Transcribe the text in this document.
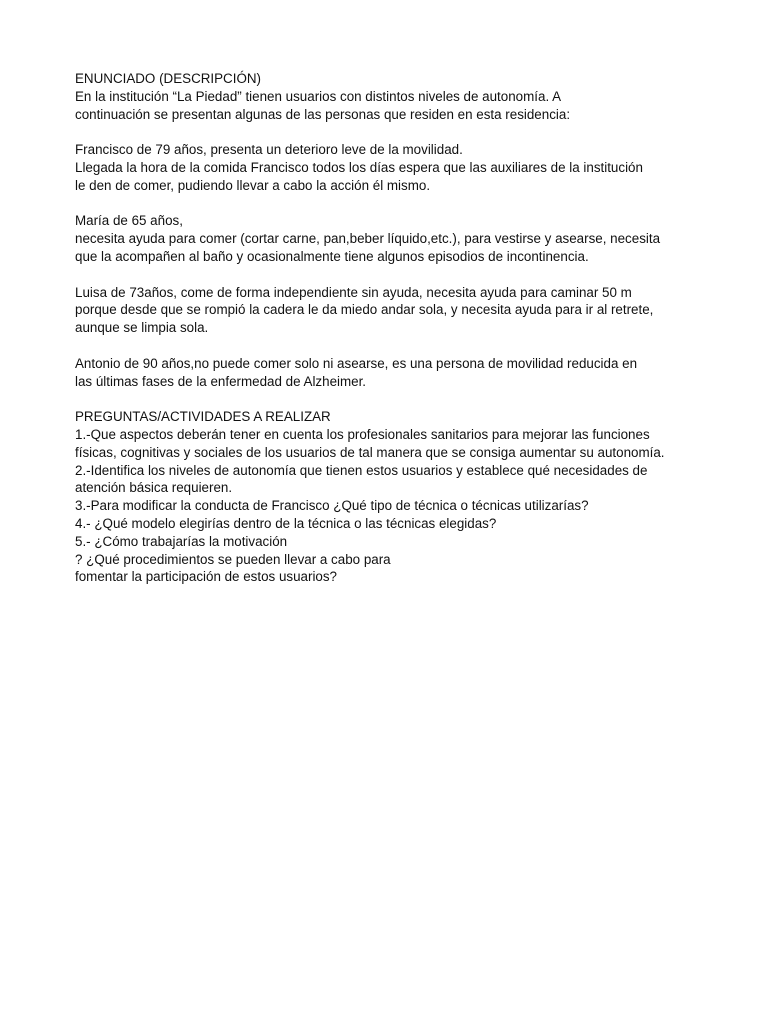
ENUNCIADO (DESCRIPCIÓN)
En la institución “La Piedad” tienen usuarios con distintos niveles de autonomía. A
continuación se presentan algunas de las personas que residen en esta residencia:
Francisco de 79 años, presenta un deterioro leve de la movilidad.
Llegada la hora de la comida Francisco todos los días espera que las auxiliares de la institución
le den de comer, pudiendo llevar a cabo la acción él mismo.
María de 65 años,
necesita ayuda para comer (cortar carne, pan,beber líquido,etc.), para vestirse y asearse, necesita
que la acompañen al baño y ocasionalmente tiene algunos episodios de incontinencia.
Luisa de 73años, come de forma independiente sin ayuda, necesita ayuda para caminar 50 m
porque desde que se rompió la cadera le da miedo andar sola, y necesita ayuda para ir al retrete,
aunque se limpia sola.
Antonio de 90 años,no puede comer solo ni asearse, es una persona de movilidad reducida en
las últimas fases de la enfermedad de Alzheimer.
PREGUNTAS/ACTIVIDADES A REALIZAR
1.-Que aspectos deberán tener en cuenta los profesionales sanitarios para mejorar las funciones
físicas, cognitivas y sociales de los usuarios de tal manera que se consiga aumentar su autonomía.
2.-Identifica los niveles de autonomía que tienen estos usuarios y establece qué necesidades de
atención básica requieren.
3.-Para modificar la conducta de Francisco ¿Qué tipo de técnica o técnicas utilizarías?
4.- ¿Qué modelo elegirías dentro de la técnica o las técnicas elegidas?
5.- ¿Cómo trabajarías la motivación
? ¿Qué procedimientos se pueden llevar a cabo para
fomentar la participación de estos usuarios?
